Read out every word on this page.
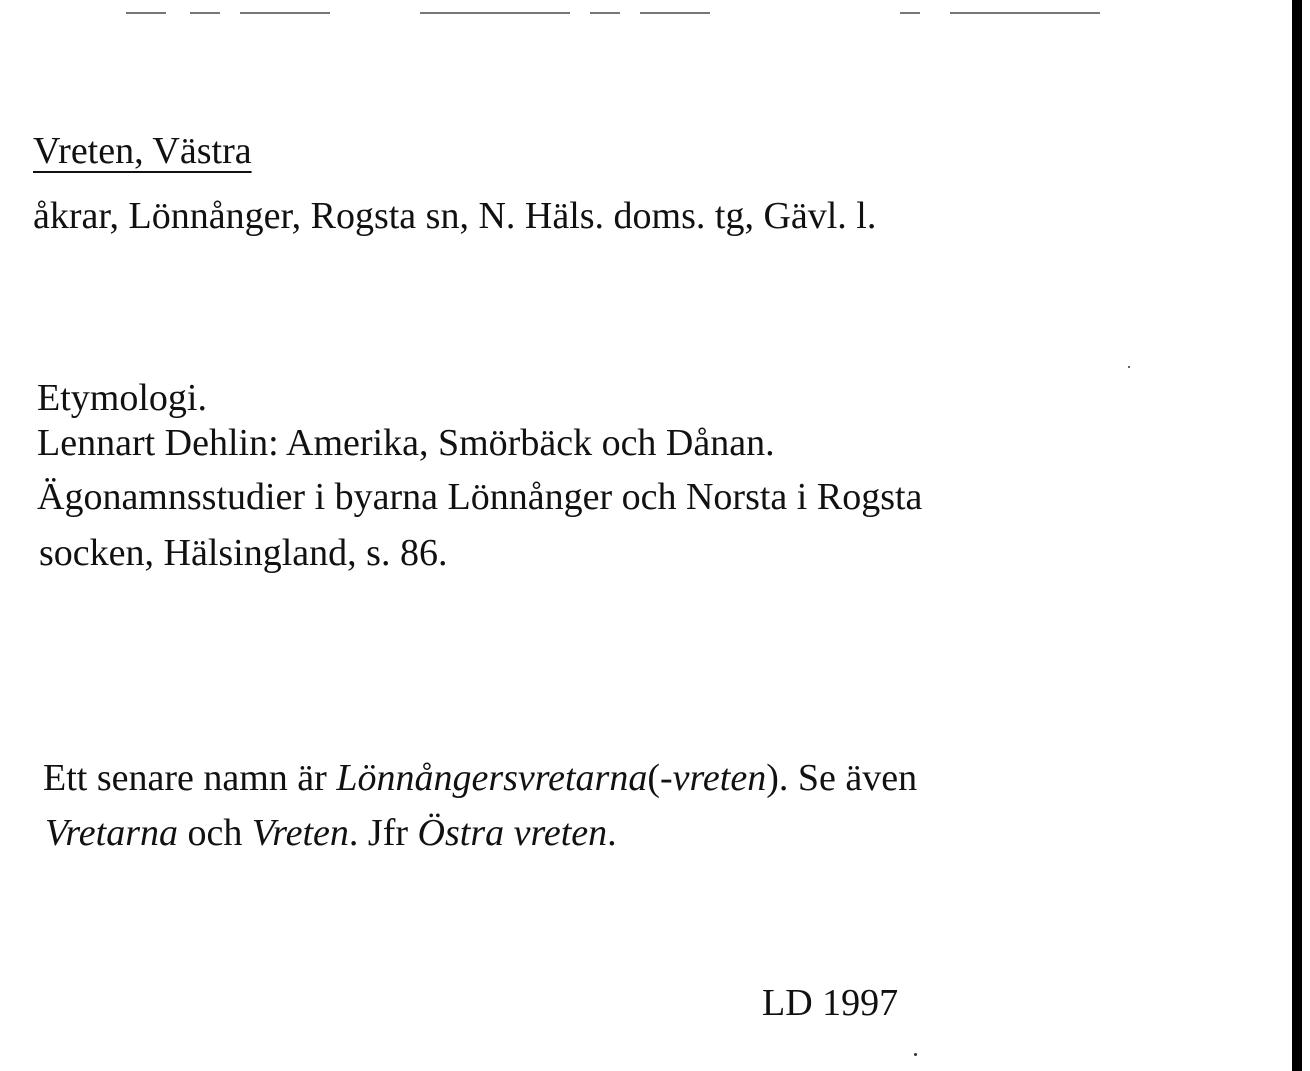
Vreten, Västra
åkrar, Lönnånger, Rogsta sn, N. Häls. doms. tg, Gävl. l.
Etymologi.
Lennart Dehlin: Amerika, Smörbäck och Dånan.
Ägonamnsstudier i byarna Lönnånger och Norsta i Rogsta
socken, Hälsingland, s. 86.
Ett senare namn är Lönnångersvretarna(-vreten). Se även
Vretarna och Vreten. Jfr Östra vreten.
LD 1997
